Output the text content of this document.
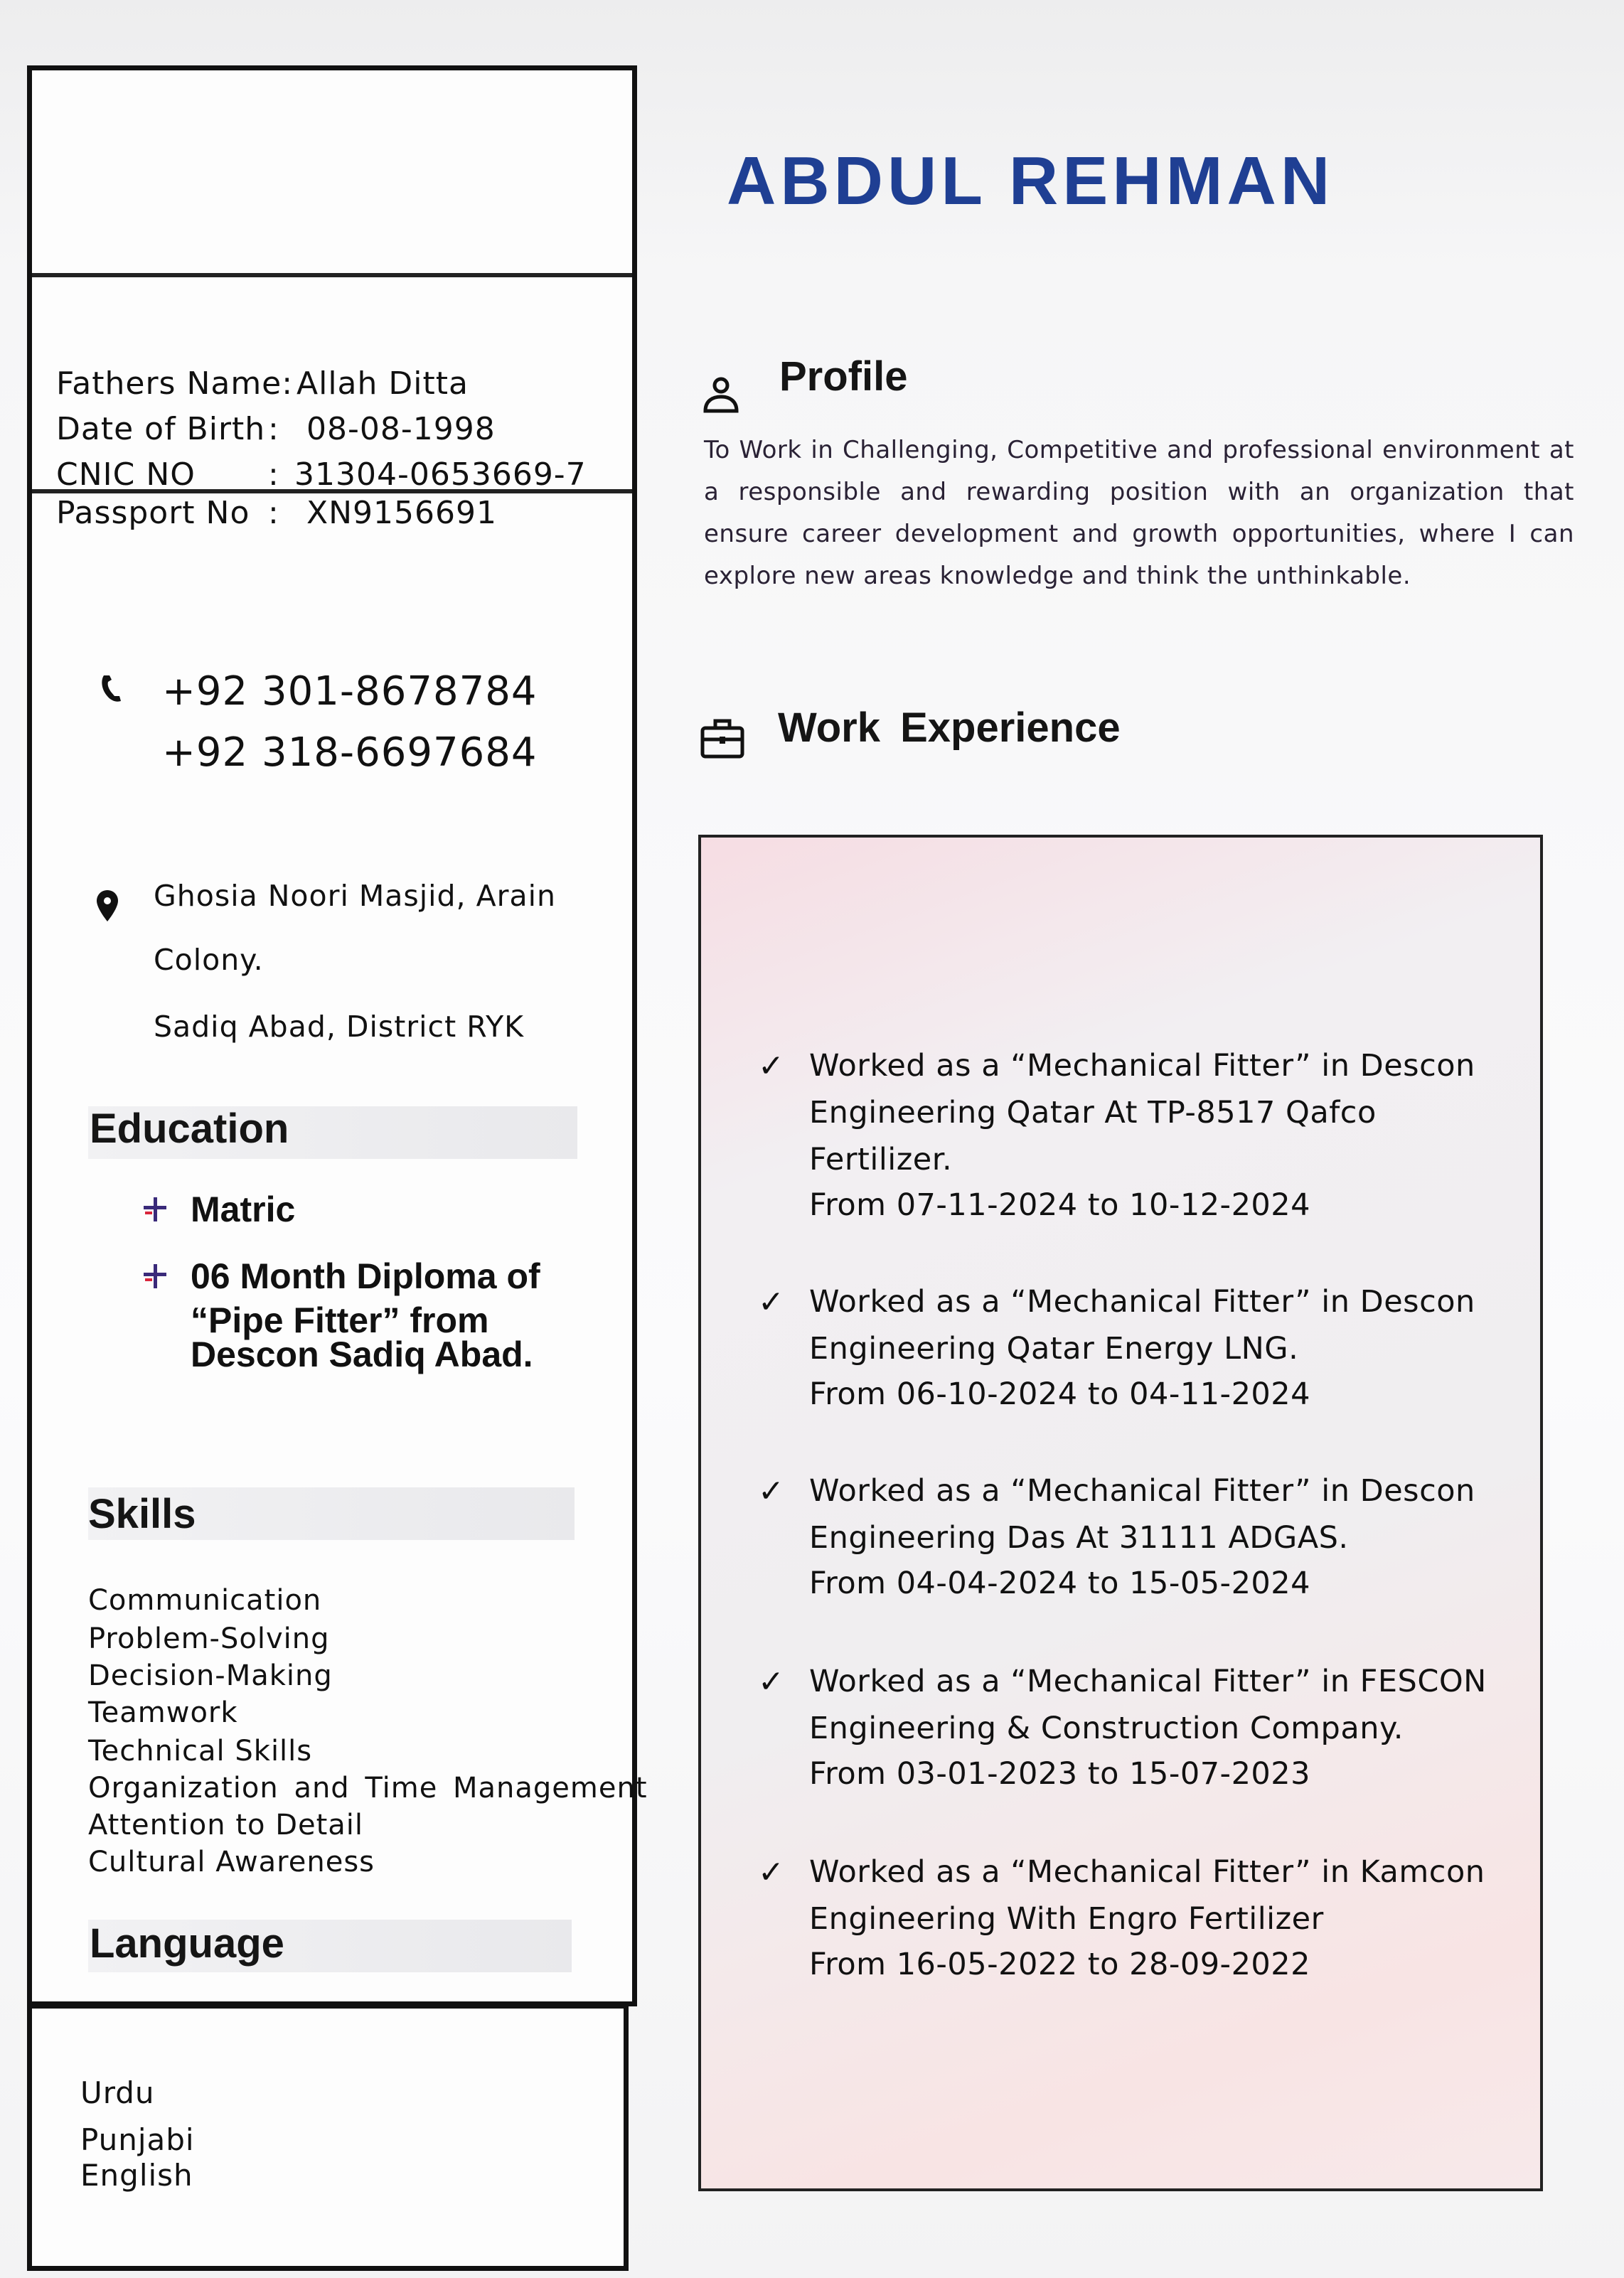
Fathers Name: Allah Ditta
Date of Birth : 08-08-1998
CNIC NO : 31304-0653669-7
Passport No : XN9156691
+92 301-8678784
+92 318-6697684
Ghosia Noori Masjid, Arain
Colony.
Sadiq Abad, District RYK
Education
Matric
06 Month Diploma of
“Pipe Fitter” from
Descon Sadiq Abad.
Skills
Communication
Problem-Solving
Decision-Making
Teamwork
Technical Skills
Organization and Time Management
Attention to Detail
Cultural Awareness
Language
Urdu
Punjabi
English
ABDUL REHMAN
Profile
To Work in Challenging, Competitive and professional environment at a responsible and rewarding position with an organization that ensure career development and growth opportunities, where I can explore new areas knowledge and think the unthinkable.
Work Experience
✓ Worked as a “Mechanical Fitter” in Descon
Engineering Qatar At TP-8517 Qafco
Fertilizer.
From 07-11-2024 to 10-12-2024
✓ Worked as a “Mechanical Fitter” in Descon
Engineering Qatar Energy LNG.
From 06-10-2024 to 04-11-2024
✓ Worked as a “Mechanical Fitter” in Descon
Engineering Das At 31111 ADGAS.
From 04-04-2024 to 15-05-2024
✓ Worked as a “Mechanical Fitter” in FESCON
Engineering & Construction Company.
From 03-01-2023 to 15-07-2023
✓ Worked as a “Mechanical Fitter” in Kamcon
Engineering With Engro Fertilizer
From 16-05-2022 to 28-09-2022
